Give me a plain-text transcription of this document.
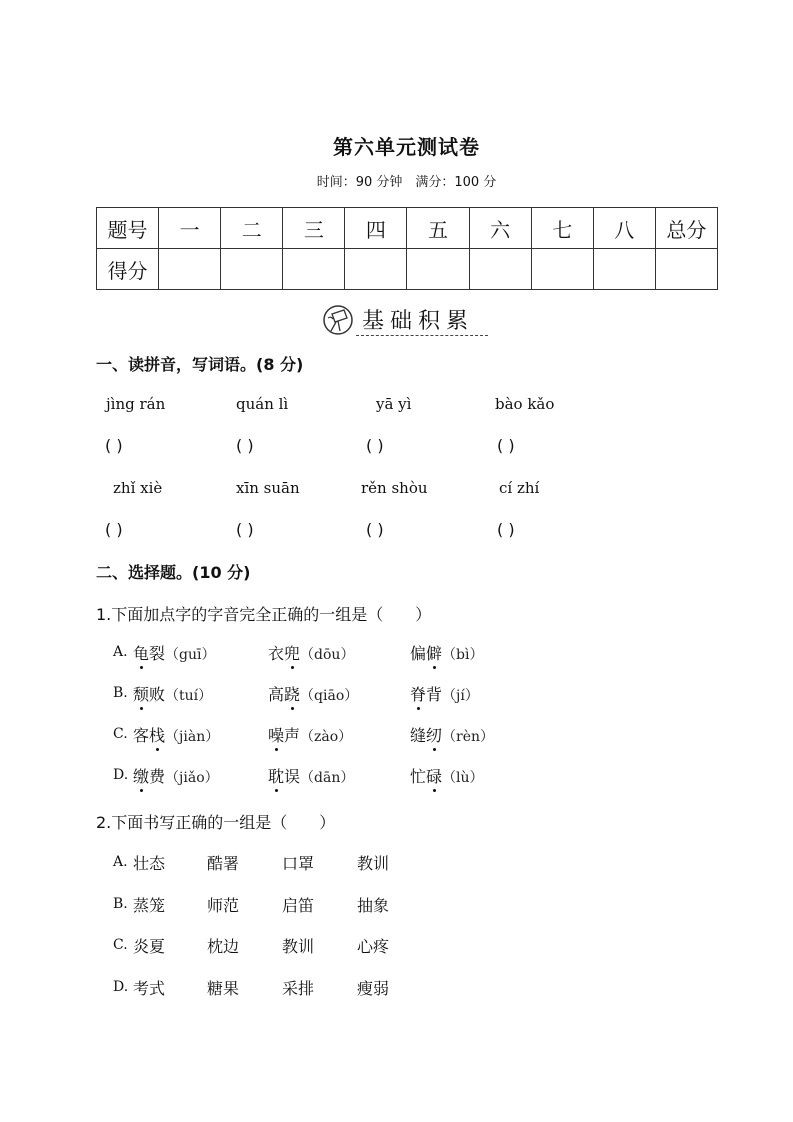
第六单元测试卷
时间：90 分钟　满分：100 分
题号	一	二	三	四	五	六	七	八	总分
得分									
基础积累
一、读拼音，写词语。(8 分)
jìng rán	quán lì	yā yì	bào kǎo
( )	( )	( )	( )
zhǐ xiè	xīn suān	rěn shòu	cí zhí
( )	( )	( )	( )
二、选择题。(10 分)
1.下面加点字的字音完全正确的一组是（　　）
A. 龟裂（guī）	衣兜（dōu）	偏僻（bì）
B. 颓败（tuí）	高跷（qiāo）	脊背（jí）
C. 客栈（jiàn）	噪声（zào）	缝纫（rèn）
D. 缴费（jiǎo）	耽误（dān）	忙碌（lù）
2.下面书写正确的一组是（　　）
A. 壮态	酷署	口罩	教训
B. 蒸笼	师范	启笛	抽象
C. 炎夏	枕边	教训	心疼
D. 考式	糖果	采排	瘦弱
